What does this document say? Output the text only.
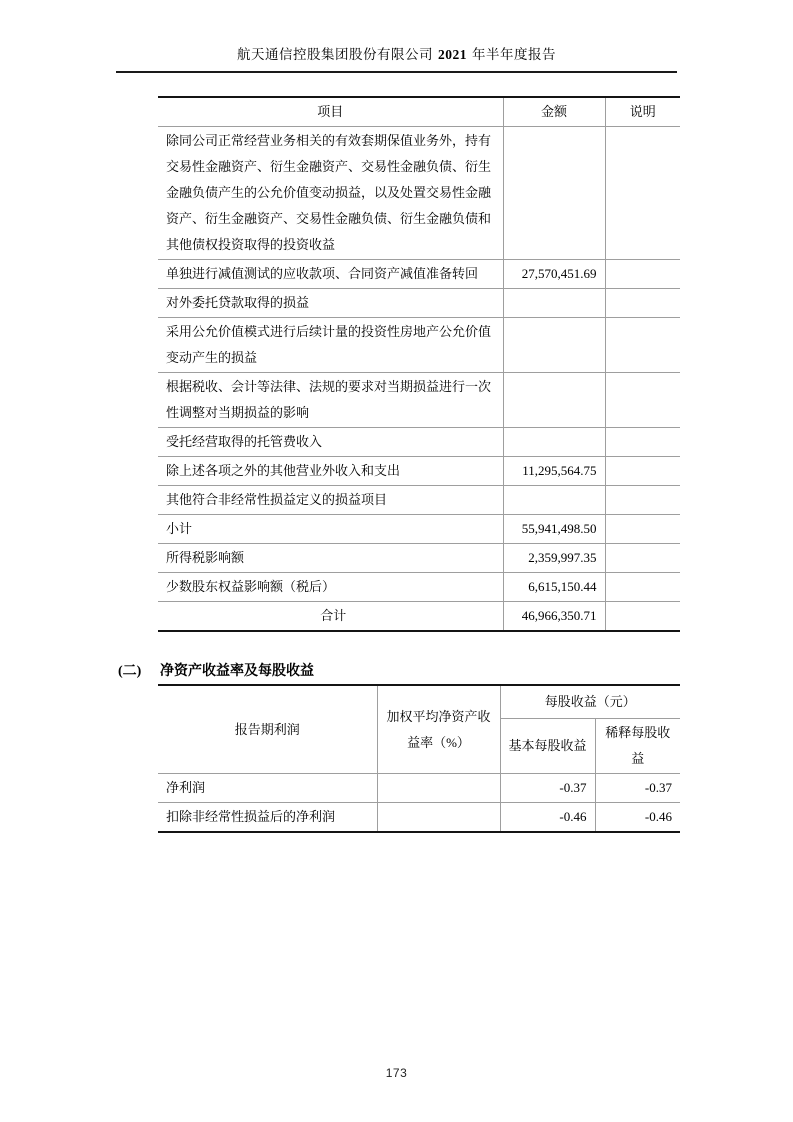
航天通信控股集团股份有限公司 2021 年半年度报告
项目	金额	说明
除同公司正常经营业务相关的有效套期保值业务外，持有交易性金融资产、衍生金融资产、交易性金融负债、衍生金融负债产生的公允价值变动损益，以及处置交易性金融资产、衍生金融资产、交易性金融负债、衍生金融负债和其他债权投资取得的投资收益		
单独进行减值测试的应收款项、合同资产减值准备转回	27,570,451.69	
对外委托贷款取得的损益		
采用公允价值模式进行后续计量的投资性房地产公允价值变动产生的损益		
根据税收、会计等法律、法规的要求对当期损益进行一次性调整对当期损益的影响		
受托经营取得的托管费收入		
除上述各项之外的其他营业外收入和支出	11,295,564.75	
其他符合非经常性损益定义的损益项目		
小计	55,941,498.50	
所得税影响额	2,359,997.35	
少数股东权益影响额（税后）	6,615,150.44	
合计	46,966,350.71	
(二)	净资产收益率及每股收益
报告期利润	加权平均净资产收益率（%）	每股收益（元）	
		基本每股收益	稀释每股收益
净利润		-0.37	-0.37
扣除非经常性损益后的净利润		-0.46	-0.46
173
